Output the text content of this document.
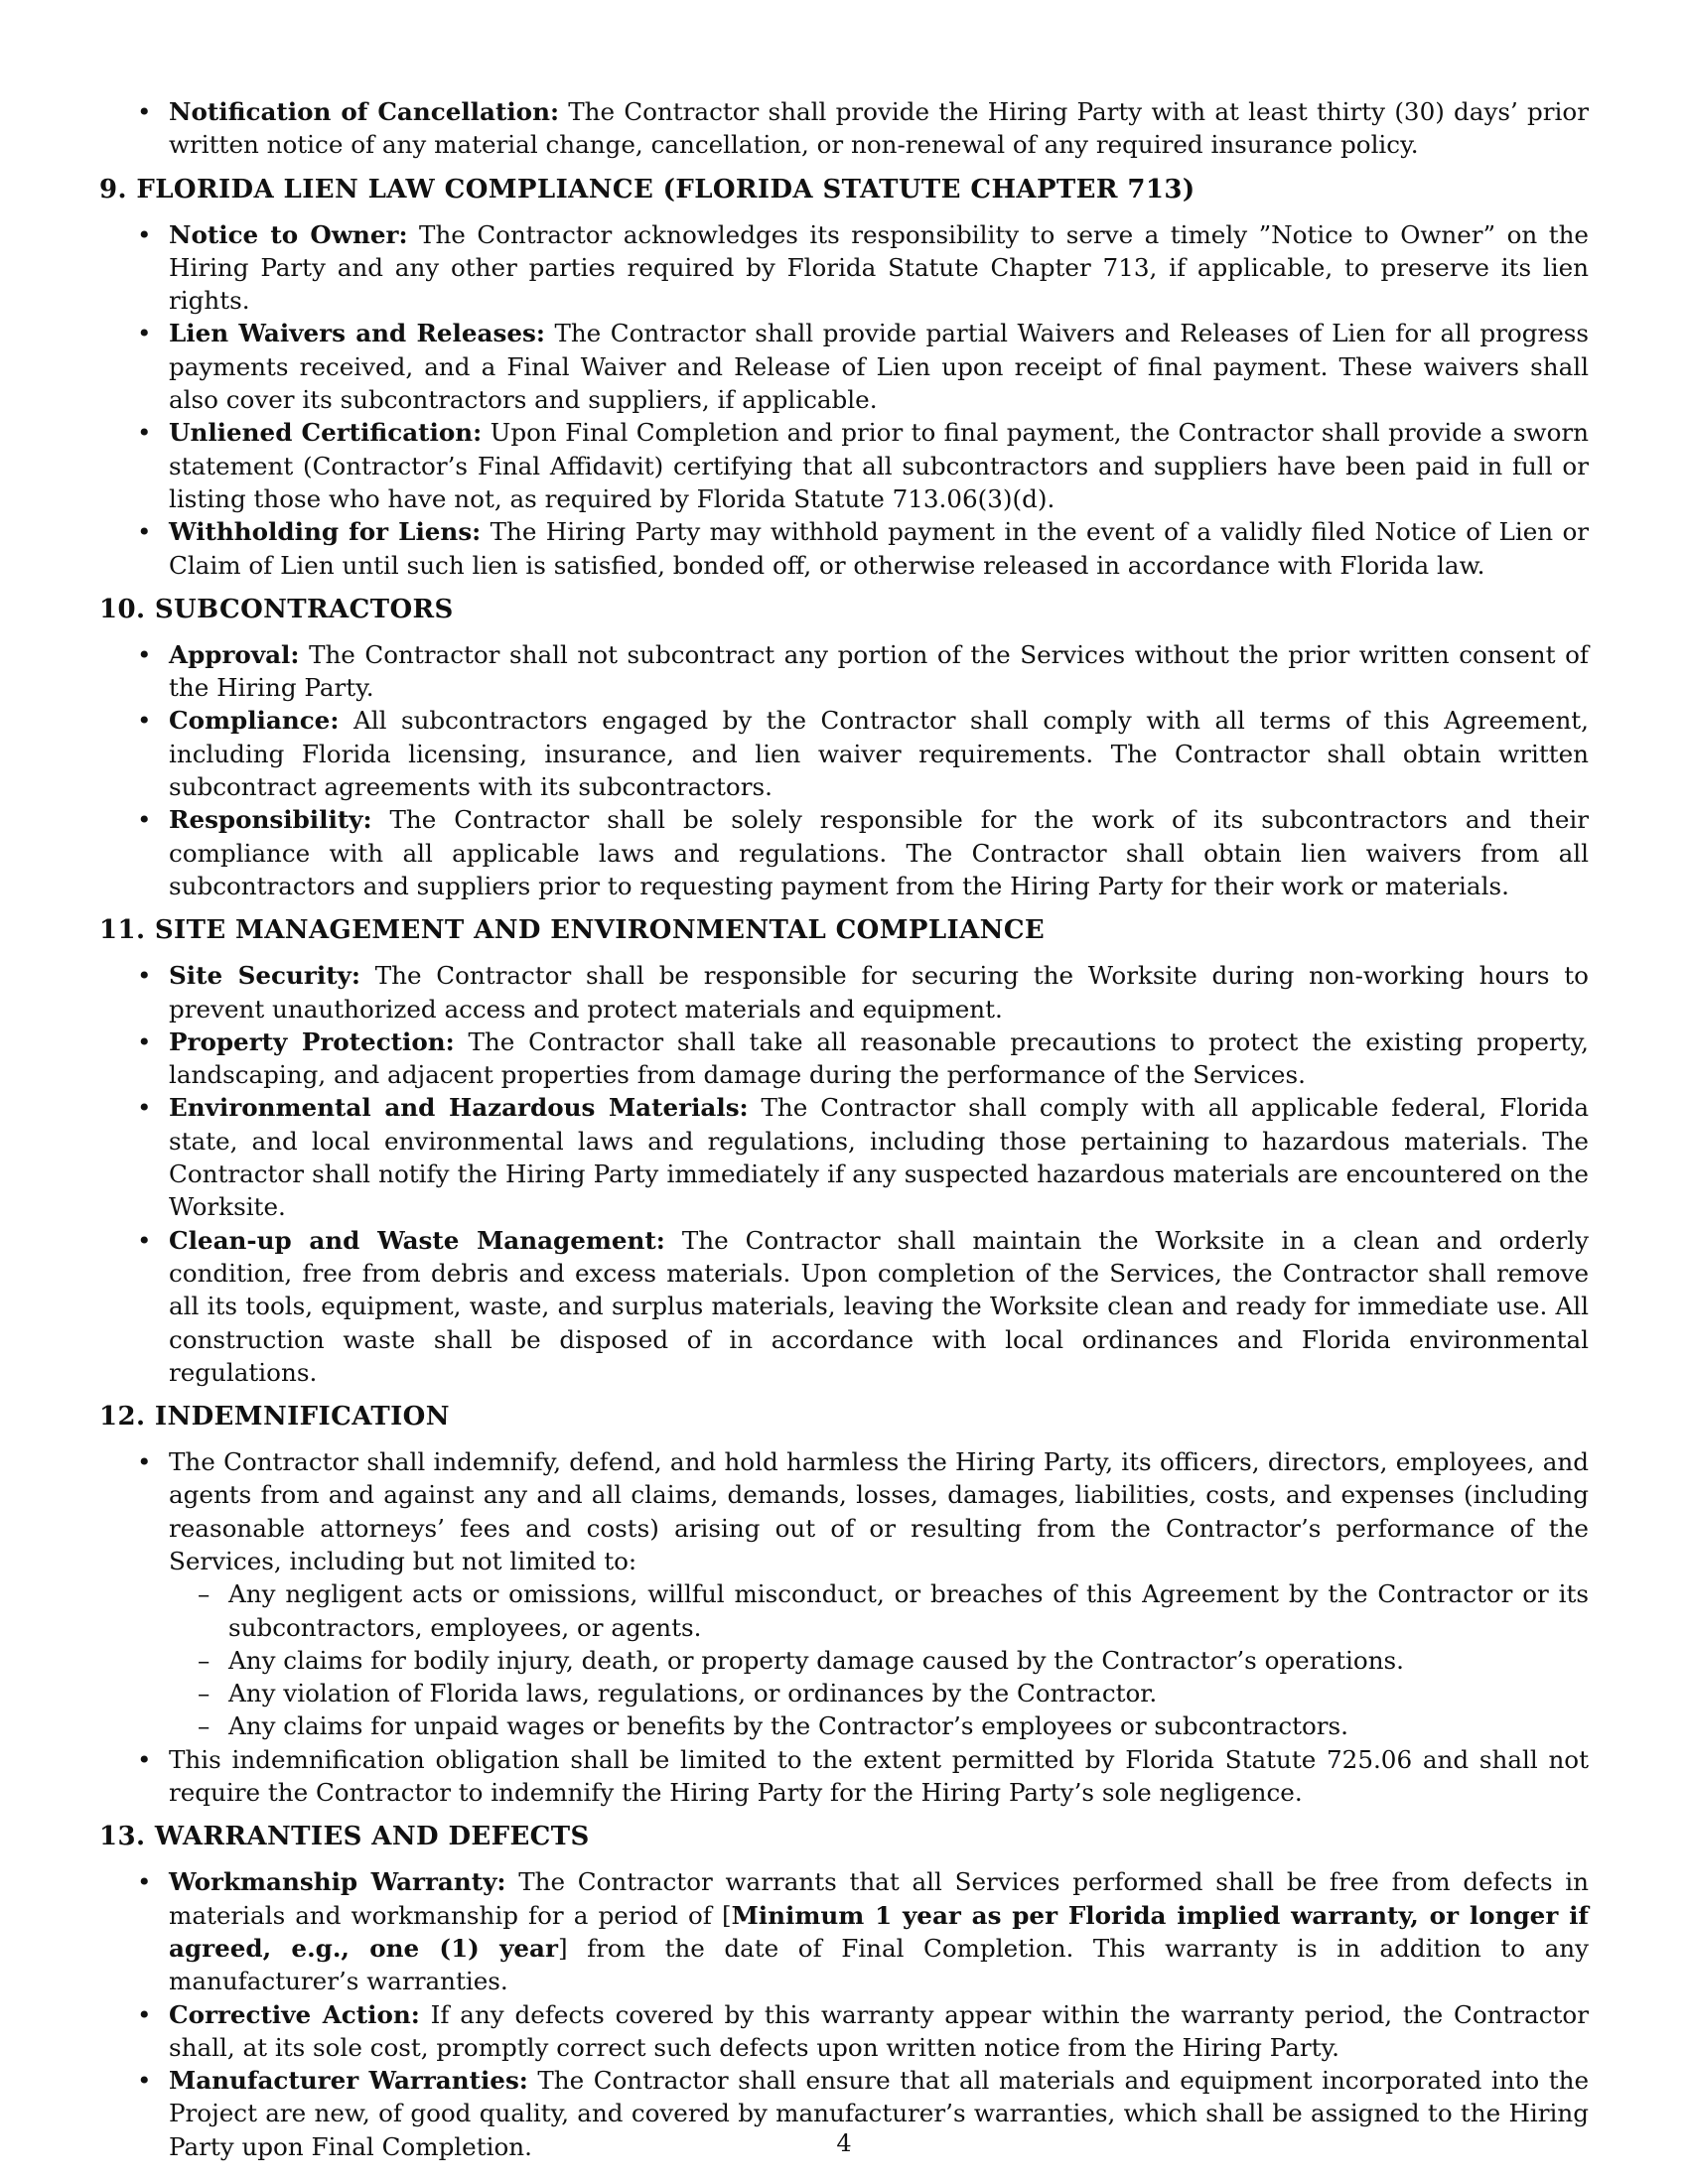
• Notification of Cancellation: The Contractor shall provide the Hiring Party with at least thirty (30) days’ prior written notice of any material change, cancellation, or non-renewal of any required insurance policy.
9. FLORIDA LIEN LAW COMPLIANCE (FLORIDA STATUTE CHAPTER 713)
• Notice to Owner: The Contractor acknowledges its responsibility to serve a timely ”Notice to Owner” on the Hiring Party and any other parties required by Florida Statute Chapter 713, if applicable, to preserve its lien rights.
• Lien Waivers and Releases: The Contractor shall provide partial Waivers and Releases of Lien for all progress payments received, and a Final Waiver and Release of Lien upon receipt of final payment. These waivers shall also cover its subcontractors and suppliers, if applicable.
• Unliened Certification: Upon Final Completion and prior to final payment, the Contractor shall provide a sworn statement (Contractor’s Final Affidavit) certifying that all subcontractors and suppliers have been paid in full or listing those who have not, as required by Florida Statute 713.06(3)(d).
• Withholding for Liens: The Hiring Party may withhold payment in the event of a validly filed Notice of Lien or Claim of Lien until such lien is satisfied, bonded off, or otherwise released in accordance with Florida law.
10. SUBCONTRACTORS
• Approval: The Contractor shall not subcontract any portion of the Services without the prior written consent of the Hiring Party.
• Compliance: All subcontractors engaged by the Contractor shall comply with all terms of this Agreement, including Florida licensing, insurance, and lien waiver requirements. The Contractor shall obtain written subcontract agreements with its subcontractors.
• Responsibility: The Contractor shall be solely responsible for the work of its subcontractors and their compliance with all applicable laws and regulations. The Contractor shall obtain lien waivers from all subcontractors and suppliers prior to requesting payment from the Hiring Party for their work or materials.
11. SITE MANAGEMENT AND ENVIRONMENTAL COMPLIANCE
• Site Security: The Contractor shall be responsible for securing the Worksite during non-working hours to prevent unauthorized access and protect materials and equipment.
• Property Protection: The Contractor shall take all reasonable precautions to protect the existing property, landscaping, and adjacent properties from damage during the performance of the Services.
• Environmental and Hazardous Materials: The Contractor shall comply with all applicable federal, Florida state, and local environmental laws and regulations, including those pertaining to hazardous materials. The Contractor shall notify the Hiring Party immediately if any suspected hazardous materials are encountered on the Worksite.
• Clean-up and Waste Management: The Contractor shall maintain the Worksite in a clean and orderly condition, free from debris and excess materials. Upon completion of the Services, the Contractor shall remove all its tools, equipment, waste, and surplus materials, leaving the Worksite clean and ready for immediate use. All construction waste shall be disposed of in accordance with local ordinances and Florida environmental regulations.
12. INDEMNIFICATION
• The Contractor shall indemnify, defend, and hold harmless the Hiring Party, its officers, directors, employees, and agents from and against any and all claims, demands, losses, damages, liabilities, costs, and expenses (including reasonable attorneys’ fees and costs) arising out of or resulting from the Contractor’s performance of the Services, including but not limited to:
– Any negligent acts or omissions, willful misconduct, or breaches of this Agreement by the Contractor or its subcontractors, employees, or agents.
– Any claims for bodily injury, death, or property damage caused by the Contractor’s operations.
– Any violation of Florida laws, regulations, or ordinances by the Contractor.
– Any claims for unpaid wages or benefits by the Contractor’s employees or subcontractors.
• This indemnification obligation shall be limited to the extent permitted by Florida Statute 725.06 and shall not require the Contractor to indemnify the Hiring Party for the Hiring Party’s sole negligence.
13. WARRANTIES AND DEFECTS
• Workmanship Warranty: The Contractor warrants that all Services performed shall be free from defects in materials and workmanship for a period of [Minimum 1 year as per Florida implied warranty, or longer if agreed, e.g., one (1) year] from the date of Final Completion. This warranty is in addition to any manufacturer’s warranties.
• Corrective Action: If any defects covered by this warranty appear within the warranty period, the Contractor shall, at its sole cost, promptly correct such defects upon written notice from the Hiring Party.
• Manufacturer Warranties: The Contractor shall ensure that all materials and equipment incorporated into the Project are new, of good quality, and covered by manufacturer’s warranties, which shall be assigned to the Hiring Party upon Final Completion.	4
